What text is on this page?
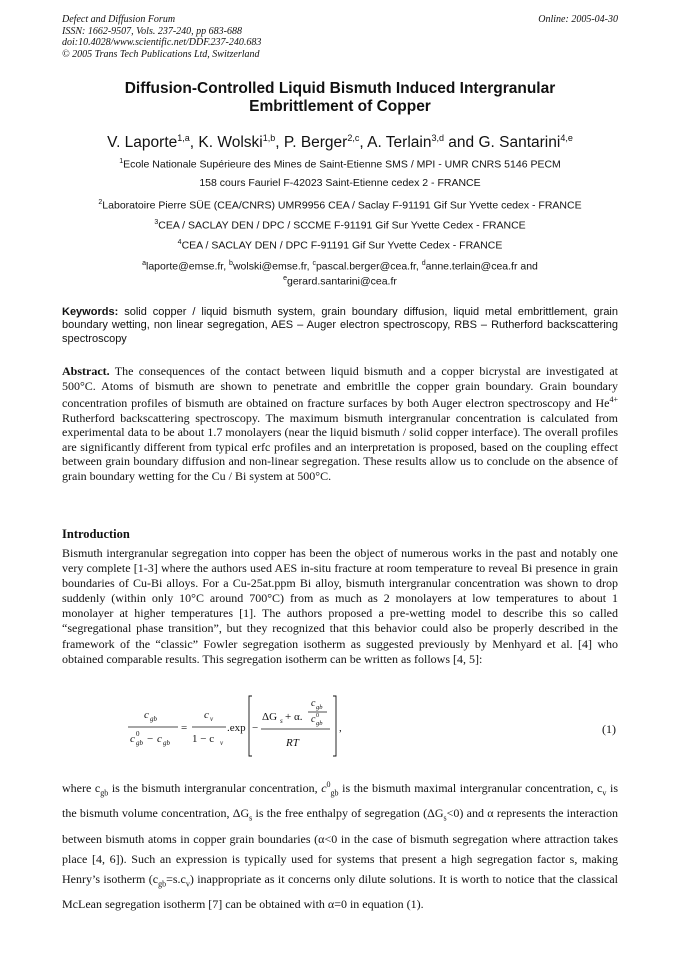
Defect and Diffusion Forum
ISSN: 1662-9507, Vols. 237-240, pp 683-688
doi:10.4028/www.scientific.net/DDF.237-240.683
© 2005 Trans Tech Publications Ltd, Switzerland
Online: 2005-04-30
Diffusion-Controlled Liquid Bismuth Induced Intergranular
Embrittlement of Copper
V. Laporte$^{1,a}$, K. Wolski$^{1,b}$, P. Berger$^{2,c}$, A. Terlain$^{3,d}$ and G. Santarini$^{4,e}$
$^1$Ecole Nationale Supérieure des Mines de Saint-Etienne SMS / MPI - UMR CNRS 5146 PECM
158 cours Fauriel F-42023 Saint-Etienne cedex 2 - FRANCE
$^2$Laboratoire Pierre SÜE (CEA/CNRS) UMR9956 CEA / Saclay F-91191 Gif Sur Yvette cedex - FRANCE
$^3$CEA / SACLAY DEN / DPC / SCCME F-91191 Gif Sur Yvette Cedex - FRANCE
$^4$CEA / SACLAY DEN / DPC F-91191 Gif Sur Yvette Cedex - FRANCE
$^a$laporte@emse.fr, $^b$wolski@emse.fr, $^c$pascal.berger@cea.fr, $^d$anne.terlain@cea.fr and
$^e$gerard.santarini@cea.fr
Keywords: solid copper / liquid bismuth system, grain boundary diffusion, liquid metal embrittlement, grain boundary wetting, non linear segregation, AES – Auger electron spectroscopy, RBS – Rutherford backscattering spectroscopy
Abstract. The consequences of the contact between liquid bismuth and a copper bicrystal are investigated at 500°C. Atoms of bismuth are shown to penetrate and embritlle the copper grain boundary. Grain boundary concentration profiles of bismuth are obtained on fracture surfaces by both Auger electron spectroscopy and $He^{4+}$ Rutherford backscattering spectroscopy. The maximum bismuth intergranular concentration is calculated from experimental data to be about 1.7 monolayers (near the liquid bismuth / solid copper interface). The overall profiles are significantly different from typical erfc profiles and an interpretation is proposed, based on the coupling effect between grain boundary diffusion and non-linear segregation. These results allow us to conclude on the absence of grain boundary wetting for the Cu / Bi system at 500°C.
Introduction
Bismuth intergranular segregation into copper has been the object of numerous works in the past and notably one very complete [1-3] where the authors used AES in-situ fracture at room temperature to reveal Bi presence in grain boundaries of Cu-Bi alloys. For a Cu-25at.ppm Bi alloy, bismuth intergranular concentration was shown to drop suddenly (within only 10°C around 700°C) from as much as 2 monolayers at low temperatures to about 1 monolayer at higher temperatures [1]. The authors proposed a pre-wetting model to describe this so called “segregational phase transition”, but they recognized that this behavior could also be properly described in the framework of the “classic” Fowler segregation isotherm as suggested previously by Menhyard et al. [4] who obtained comparable results. This segregation isotherm can be written as follows [4, 5]:
c gb
c 0
gb − c gb
=
c v
1 − c v
.exp −
ΔG s + α.
c gb
c 0
gb
RT
,	(1)
where $c_{gb}$ is the bismuth intergranular concentration, $c^0_{gb}$ is the bismuth maximal intergranular concentration, $c_v$ is the bismuth volume concentration, $\Delta G_s$ is the free enthalpy of segregation $(\Delta G_s<0)$ and α represents the interaction between bismuth atoms in copper grain boundaries (α<0 in the case of bismuth segregation where attraction takes place [4, 6]). Such an expression is typically used for systems that present a high segregation factor s, making Henry’s isotherm $(c_{gb}=s.c_v)$ inappropriate as it concerns only dilute solutions. It is worth to notice that the classical McLean segregation isotherm [7] can be obtained with α=0 in equation (1).
